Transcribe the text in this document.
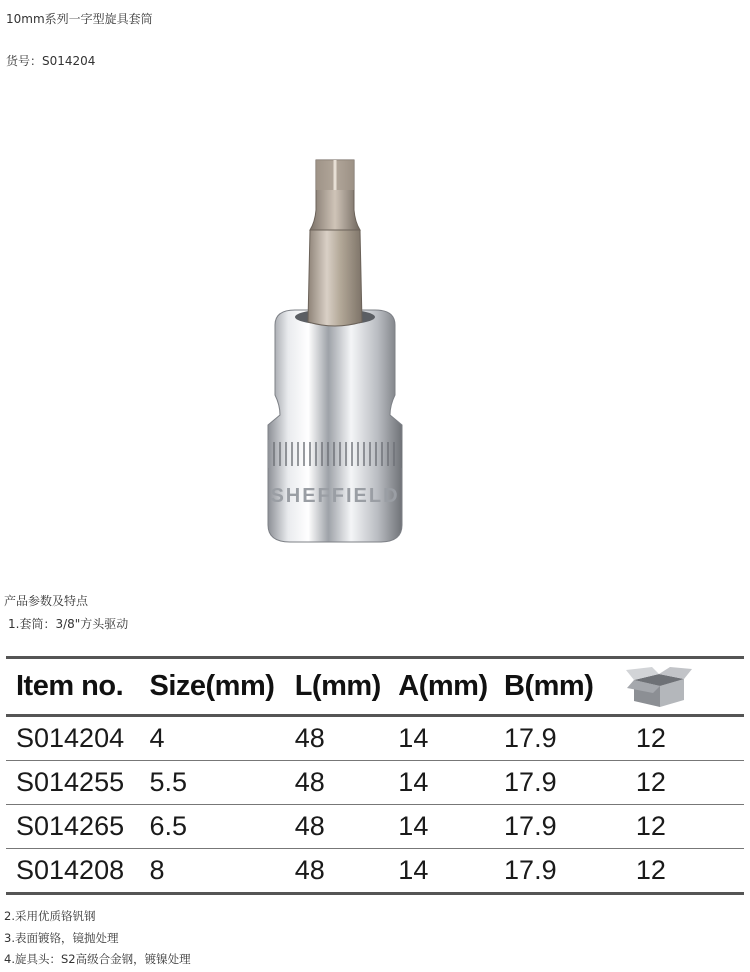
10mm系列一字型旋具套筒
货号：S014204
SHEFFIELD
产品参数及特点
1.套筒：3/8"方头驱动
Item no.	Size(mm)	L(mm)	A(mm)	B(mm)	

S014204	4	48	14	17.9	12
S014255	5.5	48	14	17.9	12
S014265	6.5	48	14	17.9	12
S014208	8	48	14	17.9	12
2.采用优质铬钒钢
3.表面镀铬，镜抛处理
4.旋具头：S2高级合金钢，镀镍处理
